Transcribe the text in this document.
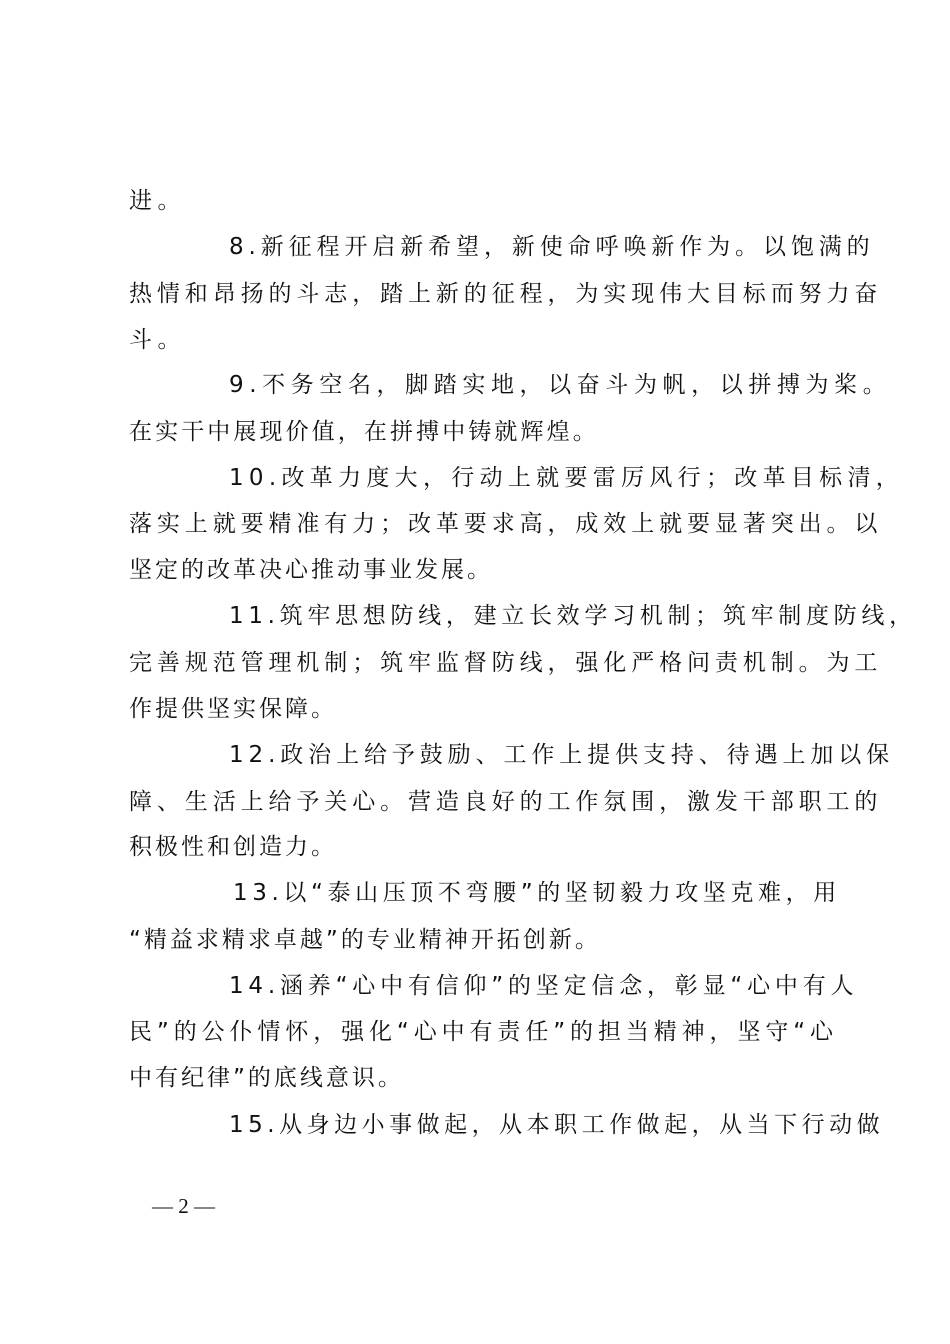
进。
8.新征程开启新希望，新使命呼唤新作为。以饱满的
热情和昂扬的斗志，踏上新的征程，为实现伟大目标而努力奋
斗。
9.不务空名，脚踏实地，以奋斗为帆，以拼搏为桨。
在实干中展现价值，在拼搏中铸就辉煌。
10.改革力度大，行动上就要雷厉风行；改革目标清，
落实上就要精准有力；改革要求高，成效上就要显著突出。以
坚定的改革决心推动事业发展。
11.筑牢思想防线，建立长效学习机制；筑牢制度防线，
完善规范管理机制；筑牢监督防线，强化严格问责机制。为工
作提供坚实保障。
12.政治上给予鼓励、工作上提供支持、待遇上加以保
障、生活上给予关心。营造良好的工作氛围，激发干部职工的
积极性和创造力。
13.以“泰山压顶不弯腰”的坚韧毅力攻坚克难，用
“精益求精求卓越”的专业精神开拓创新。
14.涵养“心中有信仰”的坚定信念，彰显“心中有人
民”的公仆情怀，强化“心中有责任”的担当精神，坚守“心
中有纪律”的底线意识。
15.从身边小事做起，从本职工作做起，从当下行动做
— 2 —
